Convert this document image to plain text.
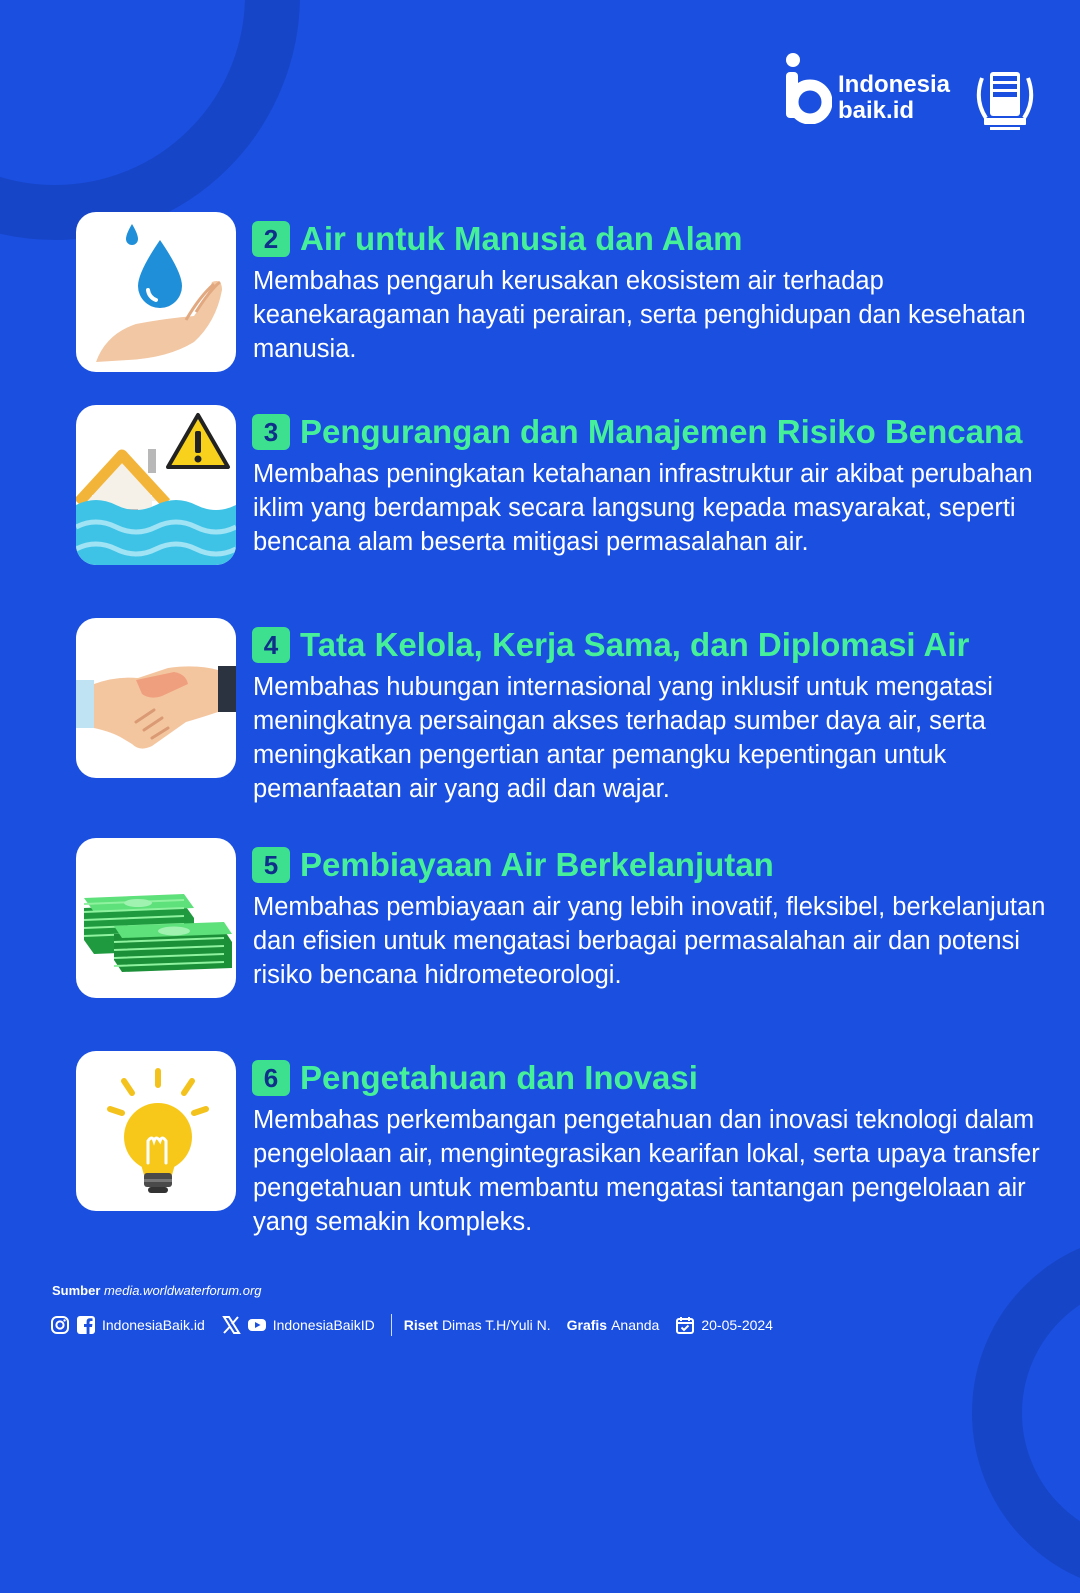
Indonesia
baik.id
2 Air untuk Manusia dan Alam
Membahas pengaruh kerusakan ekosistem air terhadap keanekaragaman hayati perairan, serta penghidupan dan kesehatan manusia.
3 Pengurangan dan Manajemen Risiko Bencana
Membahas peningkatan ketahanan infrastruktur air akibat perubahan iklim yang berdampak secara langsung kepada masyarakat, seperti bencana alam beserta mitigasi permasalahan air.
4 Tata Kelola, Kerja Sama, dan Diplomasi Air
Membahas hubungan internasional yang inklusif untuk mengatasi meningkatnya persaingan akses terhadap sumber daya air, serta meningkatkan pengertian antar pemangku kepentingan untuk pemanfaatan air yang adil dan wajar.
5 Pembiayaan Air Berkelanjutan
Membahas pembiayaan air yang lebih inovatif, fleksibel, berkelanjutan dan efisien untuk mengatasi berbagai permasalahan air dan potensi risiko bencana hidrometeorologi.
6 Pengetahuan dan Inovasi
Membahas perkembangan pengetahuan dan inovasi teknologi dalam pengelolaan air, mengintegrasikan kearifan lokal, serta upaya transfer pengetahuan untuk membantu mengatasi tantangan pengelolaan air yang semakin kompleks.
Sumber media.worldwaterforum.org
IndonesiaBaik.id	IndonesiaBaikID Riset Dimas T.H/Yuli N. Grafis Ananda	20-05-2024
